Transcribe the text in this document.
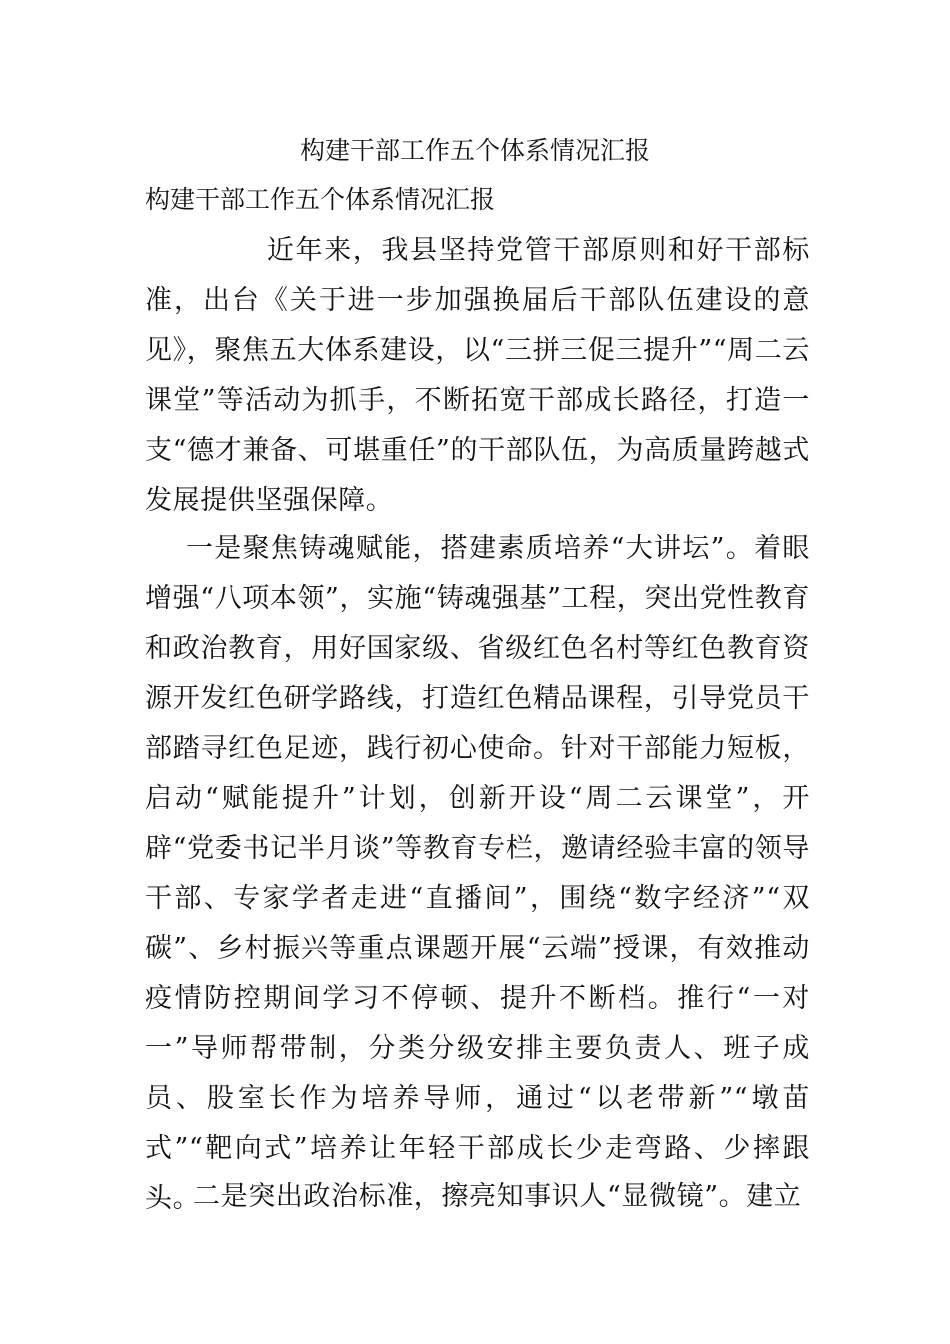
构建干部工作五个体系情况汇报
构建干部工作五个体系情况汇报

近年来，我县坚持党管干部原则和好干部标准，出台《关于进一步加强换届后干部队伍建设的意见》，聚焦五大体系建设，以“三拼三促三提升”“周二云课堂”等活动为抓手，不断拓宽干部成长路径，打造一支“德才兼备、可堪重任”的干部队伍，为高质量跨越式发展提供坚强保障。

一是聚焦铸魂赋能，搭建素质培养“大讲坛”。着眼增强“八项本领”，实施“铸魂强基”工程，突出党性教育和政治教育，用好国家级、省级红色名村等红色教育资源开发红色研学路线，打造红色精品课程，引导党员干部踏寻红色足迹，践行初心使命。针对干部能力短板，启动“赋能提升”计划，创新开设“周二云课堂”，开辟“党委书记半月谈”等教育专栏，邀请经验丰富的领导干部、专家学者走进“直播间”，围绕“数字经济”“双碳”、乡村振兴等重点课题开展“云端”授课，有效推动疫情防控期间学习不停顿、提升不断档。推行“一对一”导师帮带制，分类分级安排主要负责人、班子成员、股室长作为培养导师，通过“以老带新”“墩苗式”“靶向式”培养让年轻干部成长少走弯路、少摔跟头。

二是突出政治标准，擦亮知事识人“显微镜”。建立
